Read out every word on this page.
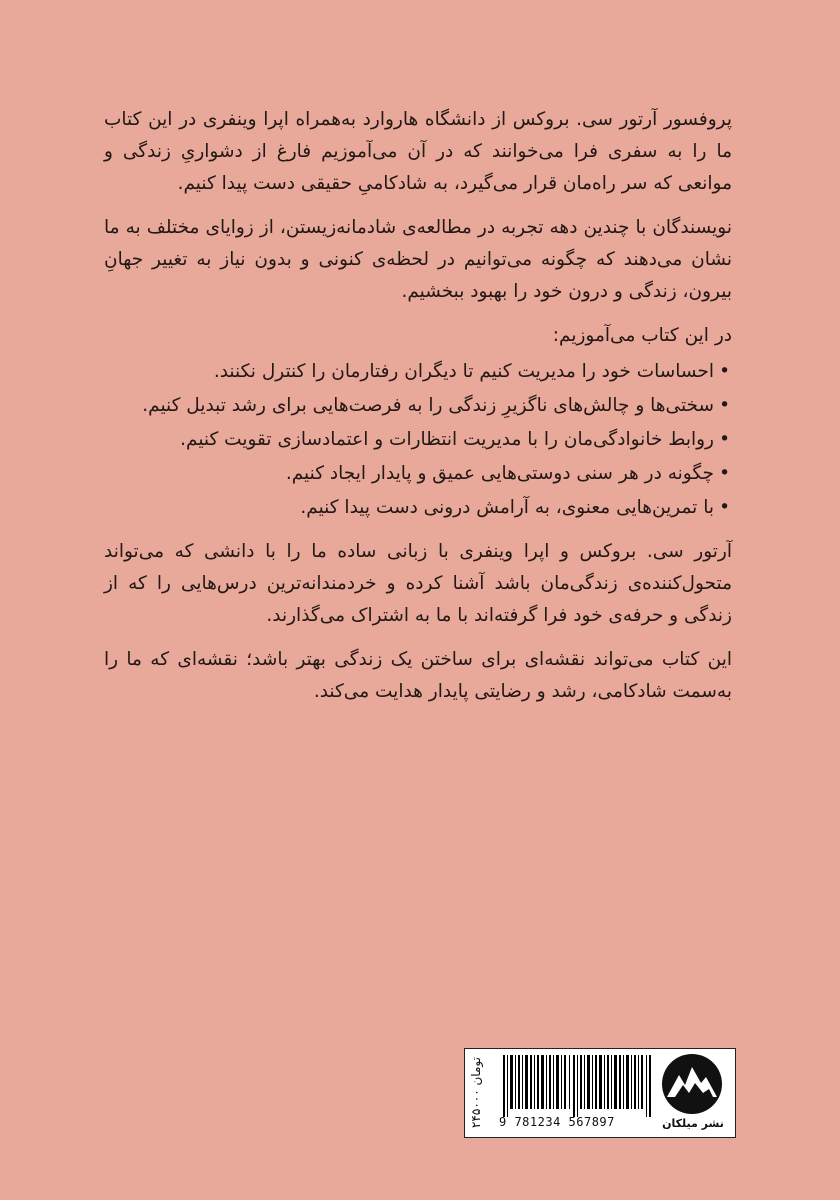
پروفسور آرتور سی. بروکس از دانشگاه هاروارد به‌همراه اپرا وینفری در این کتاب ما را به سفری فرا می‌خوانند که در آن می‌آموزیم فارغ از دشواریِ زندگی و موانعی که سر راه‌مان قرار می‌گیرد، به شادکامیِ حقیقی دست پیدا کنیم.

نویسندگان با چندین دهه تجربه در مطالعه‌ی شادمانه‌زیستن، از زوایای مختلف به ما نشان می‌دهند که چگونه می‌توانیم در لحظه‌ی کنونی و بدون نیاز به تغییر جهانِ بیرون، زندگی و درون خود را بهبود ببخشیم.

در این کتاب می‌آموزیم:

• احساسات خود را مدیریت کنیم تا دیگران رفتارمان را کنترل نکنند.
• سختی‌ها و چالش‌های ناگزیرِ زندگی را به فرصت‌هایی برای رشد تبدیل کنیم.
• روابط خانوادگی‌مان را با مدیریت انتظارات و اعتمادسازی تقویت کنیم.
• چگونه در هر سنی دوستی‌هایی عمیق و پایدار ایجاد کنیم.
• با تمرین‌هایی معنوی، به آرامش درونی دست پیدا کنیم.

آرتور سی. بروکس و اپرا وینفری با زبانی ساده ما را با دانشی که می‌تواند متحول‌کننده‌ی زندگی‌مان باشد آشنا کرده و خردمندانه‌ترین درس‌هایی را که از زندگی و حرفه‌ی خود فرا گرفته‌اند با ما به اشتراک می‌گذارند.

این کتاب می‌تواند نقشه‌ای برای ساختن یک زندگی بهتر باشد؛ نقشه‌ای که ما را به‌سمت شادکامی، رشد و رضایتی پایدار هدایت می‌کند.

۲۴۵۰۰۰ تومان
9 781234 567897	نشر میلکان
